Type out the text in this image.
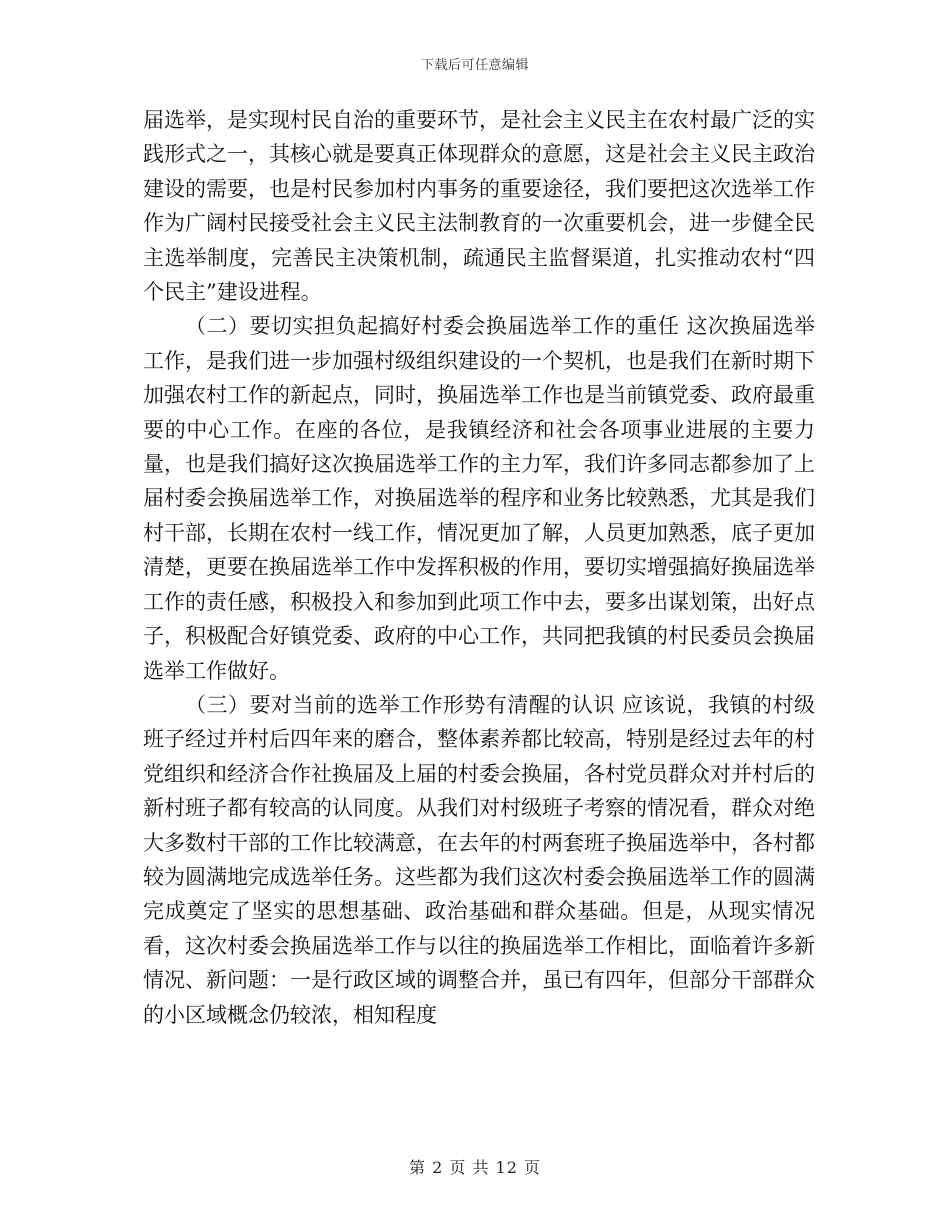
下载后可任意编辑

届选举，是实现村民自治的重要环节，是社会主义民主在农村最广泛的实践形式之一，其核心就是要真正体现群众的意愿，这是社会主义民主政治建设的需要，也是村民参加村内事务的重要途径，我们要把这次选举工作作为广阔村民接受社会主义民主法制教育的一次重要机会，进一步健全民主选举制度，完善民主决策机制，疏通民主监督渠道，扎实推动农村“四个民主”建设进程。

（二）要切实担负起搞好村委会换届选举工作的重任 这次换届选举工作，是我们进一步加强村级组织建设的一个契机，也是我们在新时期下加强农村工作的新起点，同时，换届选举工作也是当前镇党委、政府最重要的中心工作。在座的各位，是我镇经济和社会各项事业进展的主要力量，也是我们搞好这次换届选举工作的主力军，我们许多同志都参加了上届村委会换届选举工作，对换届选举的程序和业务比较熟悉，尤其是我们村干部，长期在农村一线工作，情况更加了解，人员更加熟悉，底子更加清楚，更要在换届选举工作中发挥积极的作用，要切实增强搞好换届选举工作的责任感，积极投入和参加到此项工作中去，要多出谋划策，出好点子，积极配合好镇党委、政府的中心工作，共同把我镇的村民委员会换届选举工作做好。

（三）要对当前的选举工作形势有清醒的认识 应该说，我镇的村级班子经过并村后四年来的磨合，整体素养都比较高，特别是经过去年的村党组织和经济合作社换届及上届的村委会换届，各村党员群众对并村后的新村班子都有较高的认同度。从我们对村级班子考察的情况看，群众对绝大多数村干部的工作比较满意，在去年的村两套班子换届选举中，各村都较为圆满地完成选举任务。这些都为我们这次村委会换届选举工作的圆满完成奠定了坚实的思想基础、政治基础和群众基础。但是，从现实情况看，这次村委会换届选举工作与以往的换届选举工作相比，面临着许多新情况、新问题：一是行政区域的调整合并，虽已有四年，但部分干部群众的小区域概念仍较浓，相知程度

第 2 页 共 12 页
